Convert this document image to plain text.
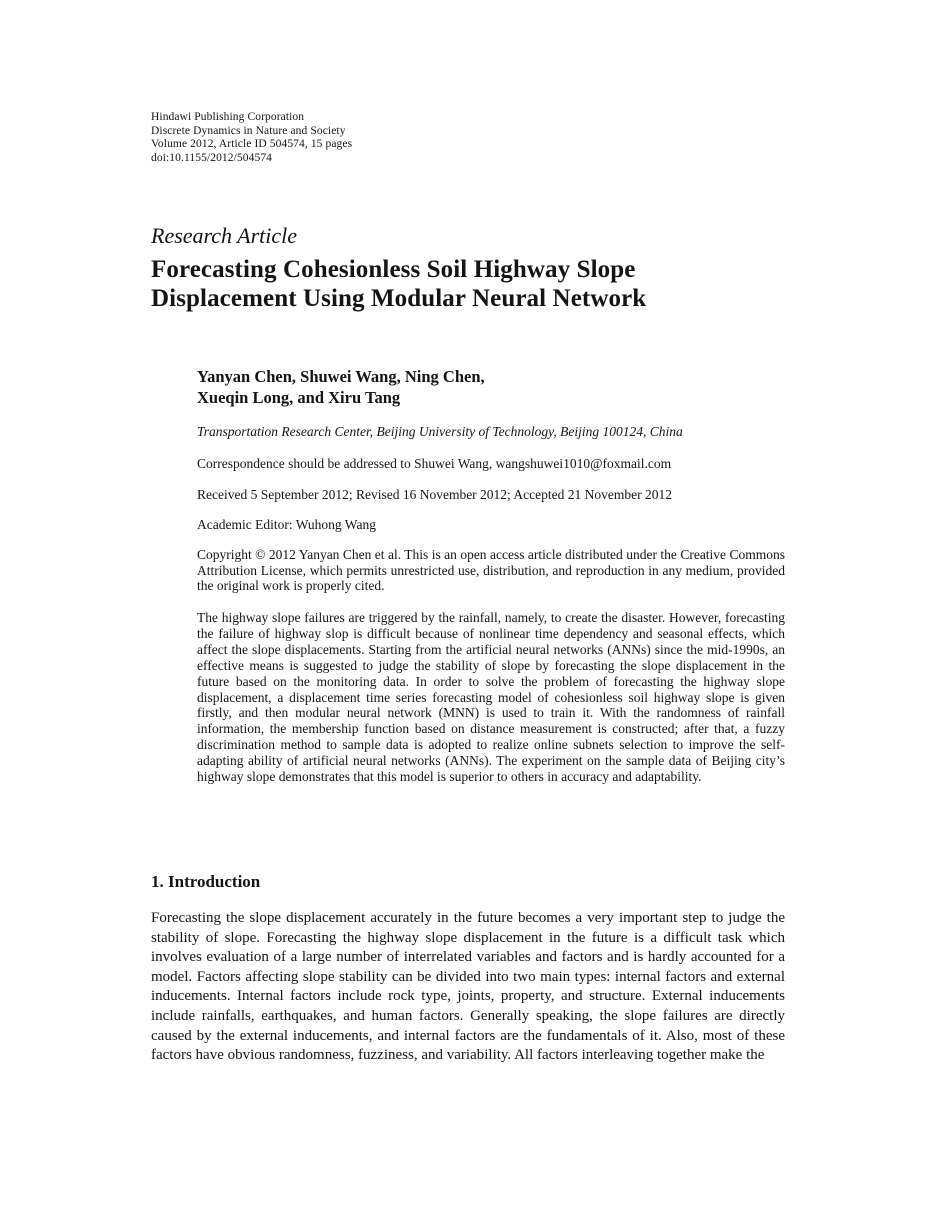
Hindawi Publishing Corporation
Discrete Dynamics in Nature and Society
Volume 2012, Article ID 504574, 15 pages
doi:10.1155/2012/504574
Research Article
Forecasting Cohesionless Soil Highway Slope
Displacement Using Modular Neural Network
Yanyan Chen, Shuwei Wang, Ning Chen,
Xueqin Long, and Xiru Tang
Transportation Research Center, Beijing University of Technology, Beijing 100124, China
Correspondence should be addressed to Shuwei Wang, wangshuwei1010@foxmail.com
Received 5 September 2012; Revised 16 November 2012; Accepted 21 November 2012
Academic Editor: Wuhong Wang
Copyright © 2012 Yanyan Chen et al. This is an open access article distributed under the Creative Commons Attribution License, which permits unrestricted use, distribution, and reproduction in any medium, provided the original work is properly cited.
The highway slope failures are triggered by the rainfall, namely, to create the disaster. However, forecasting the failure of highway slop is difficult because of nonlinear time dependency and seasonal effects, which affect the slope displacements. Starting from the artificial neural networks (ANNs) since the mid-1990s, an effective means is suggested to judge the stability of slope by forecasting the slope displacement in the future based on the monitoring data. In order to solve the problem of forecasting the highway slope displacement, a displacement time series forecasting model of cohesionless soil highway slope is given firstly, and then modular neural network (MNN) is used to train it. With the randomness of rainfall information, the membership function based on distance measurement is constructed; after that, a fuzzy discrimination method to sample data is adopted to realize online subnets selection to improve the self-adapting ability of artificial neural networks (ANNs). The experiment on the sample data of Beijing city’s highway slope demonstrates that this model is superior to others in accuracy and adaptability.
1. Introduction
Forecasting the slope displacement accurately in the future becomes a very important step to judge the stability of slope. Forecasting the highway slope displacement in the future is a difficult task which involves evaluation of a large number of interrelated variables and factors and is hardly accounted for a model. Factors affecting slope stability can be divided into two main types: internal factors and external inducements. Internal factors include rock type, joints, property, and structure. External inducements include rainfalls, earthquakes, and human factors. Generally speaking, the slope failures are directly caused by the external inducements, and internal factors are the fundamentals of it. Also, most of these factors have obvious randomness, fuzziness, and variability. All factors interleaving together make the
